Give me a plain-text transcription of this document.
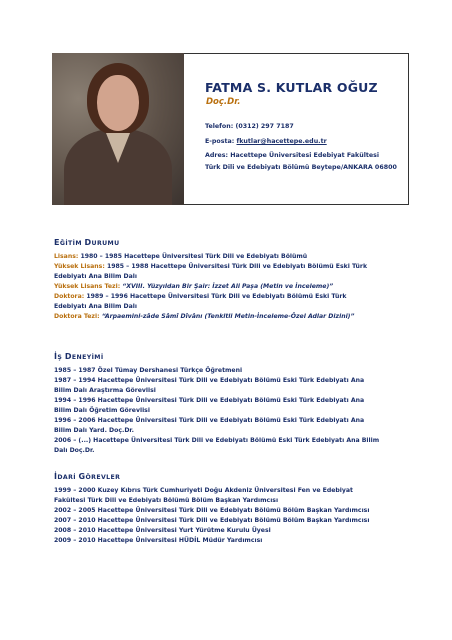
FATMA S. KUTLAR OĞUZ
Doç.Dr.
Telefon: (0312) 297 7187
E-posta: fkutlar@hacettepe.edu.tr
Adres: Hacettepe Üniversitesi Edebiyat Fakültesi
Türk Dili ve Edebiyatı Bölümü Beytepe/ANKARA 06800
EĞİTİM DURUMU
Lisans: 1980 – 1985 Hacettepe Üniversitesi Türk Dili ve Edebiyatı Bölümü
Yüksek Lisans: 1985 – 1988 Hacettepe Üniversitesi Türk Dili ve Edebiyatı Bölümü Eski Türk
Edebiyatı Ana Bilim Dalı
Yüksek Lisans Tezi: “XVIII. Yüzyıldan Bir Şair: İzzet Ali Paşa (Metin ve İnceleme)”
Doktora: 1989 – 1996 Hacettepe Üniversitesi Türk Dili ve Edebiyatı Bölümü Eski Türk
Edebiyatı Ana Bilim Dalı
Doktora Tezi: “Arpaemini-zâde Sâmî Dîvânı (Tenkitli Metin-İnceleme-Özel Adlar Dizini)”
İŞ DENEYİMİ
1985 – 1987 Özel Tümay Dershanesi Türkçe Öğretmeni
1987 – 1994 Hacettepe Üniversitesi Türk Dili ve Edebiyatı Bölümü Eski Türk Edebiyatı Ana
Bilim Dalı Araştırma Görevlisi
1994 – 1996 Hacettepe Üniversitesi Türk Dili ve Edebiyatı Bölümü Eski Türk Edebiyatı Ana
Bilim Dalı Öğretim Görevlisi
1996 – 2006 Hacettepe Üniversitesi Türk Dili ve Edebiyatı Bölümü Eski Türk Edebiyatı Ana
Bilim Dalı Yard. Doç.Dr.
2006 – (...) Hacettepe Üniversitesi Türk Dili ve Edebiyatı Bölümü Eski Türk Edebiyatı Ana Bilim
Dalı Doç.Dr.
İDARİ GÖREVLER
1999 – 2000 Kuzey Kıbrıs Türk Cumhuriyeti Doğu Akdeniz Üniversitesi Fen ve Edebiyat
Fakültesi Türk Dili ve Edebiyatı Bölümü Bölüm Başkan Yardımcısı
2002 – 2005 Hacettepe Üniversitesi Türk Dili ve Edebiyatı Bölümü Bölüm Başkan Yardımcısı
2007 – 2010 Hacettepe Üniversitesi Türk Dili ve Edebiyatı Bölümü Bölüm Başkan Yardımcısı
2008 – 2010 Hacettepe Üniversitesi Yurt Yürütme Kurulu Üyesi
2009 – 2010 Hacettepe Üniversitesi HÜDİL Müdür Yardımcısı
